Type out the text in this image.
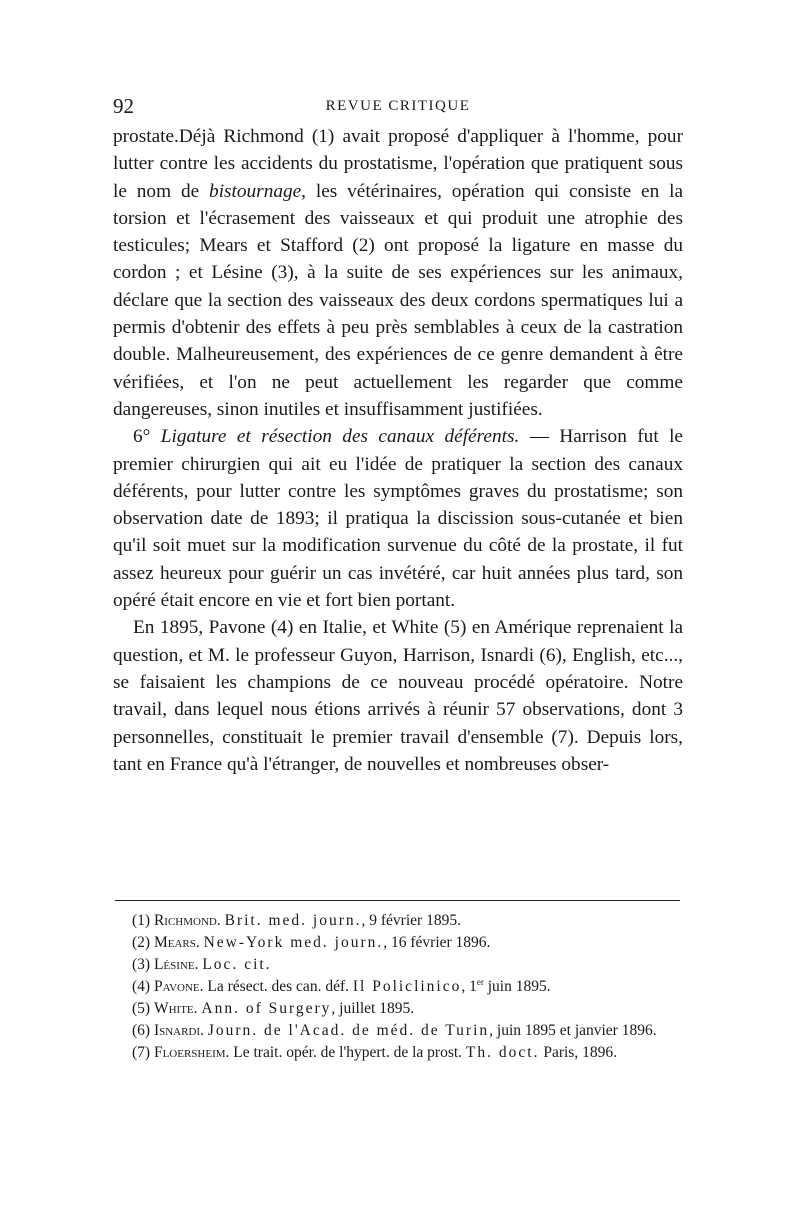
92	REVUE CRITIQUE

prostate.Déjà Richmond (1) avait proposé d'appliquer à l'homme, pour lutter contre les accidents du prostatisme, l'opération que pratiquent sous le nom de bistournage, les vétérinaires, opération qui consiste en la torsion et l'écrasement des vaisseaux et qui produit une atrophie des testicules; Mears et Stafford (2) ont proposé la ligature en masse du cordon ; et Lésine (3), à la suite de ses expériences sur les animaux, déclare que la section des vaisseaux des deux cordons spermatiques lui a permis d'obtenir des effets à peu près semblables à ceux de la castration double. Malheureusement, des expériences de ce genre demandent à être vérifiées, et l'on ne peut actuellement les regarder que comme dangereuses, sinon inutiles et insuffisamment justifiées.

6° Ligature et résection des canaux déférents. — Harrison fut le premier chirurgien qui ait eu l'idée de pratiquer la section des canaux déférents, pour lutter contre les symptômes graves du prostatisme; son observation date de 1893; il pratiqua la discission sous-cutanée et bien qu'il soit muet sur la modification survenue du côté de la prostate, il fut assez heureux pour guérir un cas invétéré, car huit années plus tard, son opéré était encore en vie et fort bien portant.

En 1895, Pavone (4) en Italie, et White (5) en Amérique reprenaient la question, et M. le professeur Guyon, Harrison, Isnardi (6), English, etc..., se faisaient les champions de ce nouveau procédé opératoire. Notre travail, dans lequel nous étions arrivés à réunir 57 observations, dont 3 personnelles, constituait le premier travail d'ensemble (7). Depuis lors, tant en France qu'à l'étranger, de nouvelles et nombreuses obser-

(1) Richmond. Brit. med. journ., 9 février 1895.

(2) Mears. New-York med. journ., 16 février 1896.

(3) Lésine. Loc. cit.

(4) Pavone. La résect. des can. déf. Il Policlinico, 1er juin 1895.

(5) White. Ann. of Surgery, juillet 1895.

(6) Isnardi. Journ. de l'Acad. de méd. de Turin, juin 1895 et janvier 1896.

(7) Floersheim. Le trait. opér. de l'hypert. de la prost. Th. doct. Paris, 1896.
